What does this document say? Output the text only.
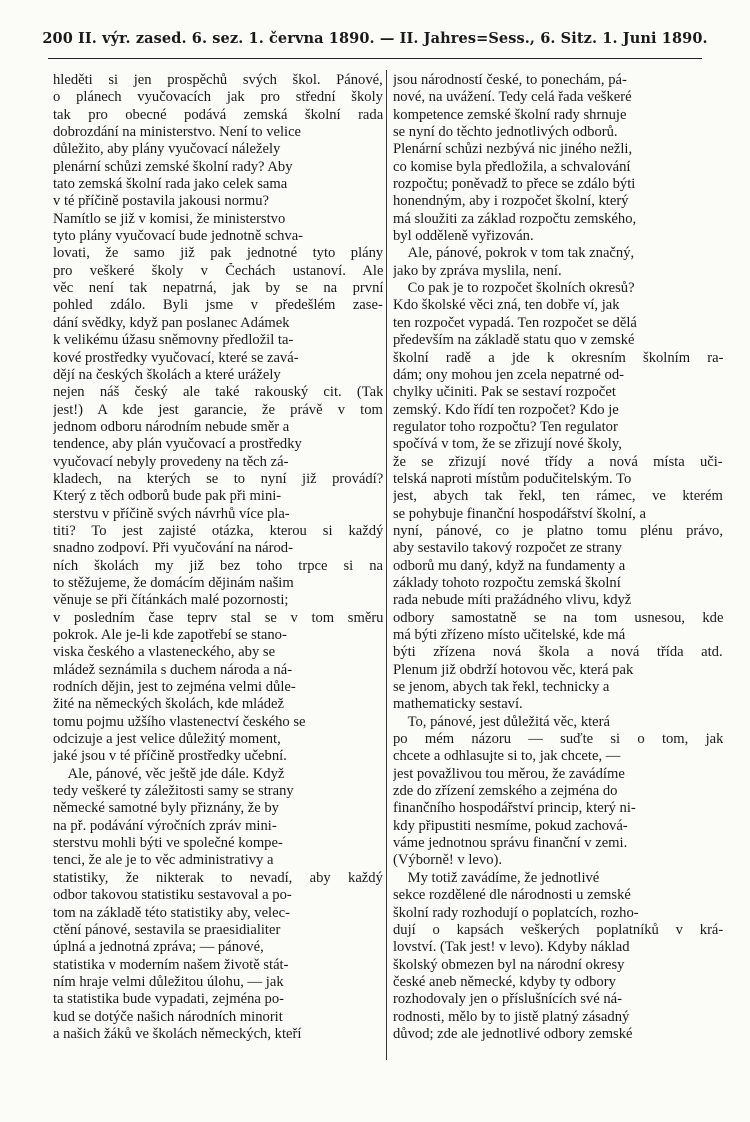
200 II. výr. zased. 6. sez. 1. června 1890. — II. Jahres=Sess., 6. Sitz. 1. Juni 1890.
hleděti si jen prospěchů svých škol. Pánové,
o plánech vyučovacích jak pro střední školy
tak pro obecné podává zemská školní rada
dobrozdání na ministerstvo. Není to velice
důležito, aby plány vyučovací náležely
plenární schůzi zemské školní rady? Aby
tato zemská školní rada jako celek sama
v té příčině postavila jakousi normu?
Namítlo se již v komisi, že ministerstvo
tyto plány vyučovací bude jednotně schva-
lovati, že samo již pak jednotné tyto plány
pro veškeré školy v Čechách ustanoví. Ale
věc není tak nepatrná, jak by se na první
pohled zdálo. Byli jsme v předešlém zase-
dání svědky, když pan poslanec Adámek
k velikému úžasu sněmovny předložil ta-
kové prostředky vyučovací, které se zavá-
dějí na českých školách a které urážely
nejen náš český ale také rakouský cit. (Tak
jest!) A kde jest garancie, že právě v tom
jednom odboru národním nebude směr a
tendence, aby plán vyučovací a prostředky
vyučovací nebyly provedeny na těch zá-
kladech, na kterých se to nyní již provádí?
Který z těch odborů bude pak při mini-
sterstvu v příčině svých návrhů více pla-
titi? To jest zajisté otázka, kterou si každý
snadno zodpoví. Při vyučování na národ-
ních školách my již bez toho trpce si na
to stěžujeme, že domácím dějinám našim
věnuje se při čítánkách malé pozornosti;
v posledním čase teprv stal se v tom směru
pokrok. Ale je-li kde zapotřebí se stano-
viska českého a vlasteneckého, aby se
mládež seznámila s duchem národa a ná-
rodních dějin, jest to zejména velmi důle-
žité na německých školách, kde mládež
tomu pojmu užšího vlastenectví českého se
odcizuje a jest velice důležitý moment,
jaké jsou v té příčině prostředky učební.
Ale, pánové, věc ještě jde dále. Když
tedy veškeré ty záležitosti samy se strany
německé samotné byly přiznány, že by
na př. podávání výročních zpráv mini-
sterstvu mohli býti ve společné kompe-
tenci, že ale je to věc administrativy a
statistiky, že nikterak to nevadí, aby každý
odbor takovou statistiku sestavoval a po-
tom na základě této statistiky aby, velec-
ctění pánové, sestavila se praesidialiter
úplná a jednotná zpráva; — pánové,
statistika v moderním našem životě stát-
ním hraje velmi důležitou úlohu, — jak
ta statistika bude vypadati, zejména po-
kud se dotýče našich národních minorit
a našich žáků ve školách německých, kteří
jsou národností české, to ponechám, pá-
nové, na uvážení. Tedy celá řada veškeré
kompetence zemské školní rady shrnuje
se nyní do těchto jednotlivých odborů.
Plenární schůzi nezbývá nic jiného nežli,
co komise byla předložila, a schvalování
rozpočtu; poněvadž to přece se zdálo býti
honendným, aby i rozpočet školní, který
má sloužiti za základ rozpočtu zemského,
byl odděleně vyřizován.
Ale, pánové, pokrok v tom tak značný,
jako by zpráva myslila, není.
Co pak je to rozpočet školních okresů?
Kdo školské věci zná, ten dobře ví, jak
ten rozpočet vypadá. Ten rozpočet se dělá
především na základě statu quo v zemské
školní radě a jde k okresním školním ra-
dám; ony mohou jen zcela nepatrné od-
chylky učiniti. Pak se sestaví rozpočet
zemský. Kdo řídí ten rozpočet? Kdo je
regulator toho rozpočtu? Ten regulator
spočívá v tom, že se zřizují nové školy,
že se zřizují nové třídy a nová místa uči-
telská naproti místům podučitelským. To
jest, abych tak řekl, ten rámec, ve kterém
se pohybuje finanční hospodářství školní, a
nyní, pánové, co je platno tomu plénu právo,
aby sestavilo takový rozpočet ze strany
odborů mu daný, když na fundamenty a
základy tohoto rozpočtu zemská školní
rada nebude míti pražádného vlivu, když
odbory samostatně se na tom usnesou, kde
má býti zřízeno místo učitelské, kde má
býti zřízena nová škola a nová třída atd.
Plenum již obdrží hotovou věc, která pak
se jenom, abych tak řekl, technicky a
mathematicky sestaví.
To, pánové, jest důležitá věc, která
po mém názoru — suďte si o tom, jak
chcete a odhlasujte si to, jak chcete, —
jest považlivou tou měrou, že zavádíme
zde do zřízení zemského a zejména do
finančního hospodářství princip, který ni-
kdy připustiti nesmíme, pokud zachová-
váme jednotnou správu finanční v zemi.
(Výborně! v levo).
My totiž zavádíme, že jednotlivé
sekce rozdělené dle národnosti u zemské
školní rady rozhodují o poplatcích, rozho-
dují o kapsách veškerých poplatníků v krá-
lovství. (Tak jest! v levo). Kdyby náklad
školský obmezen byl na národní okresy
české aneb německé, kdyby ty odbory
rozhodovaly jen o příslušnících své ná-
rodnosti, mělo by to jistě platný zásadný
důvod; zde ale jednotlivé odbory zemské
